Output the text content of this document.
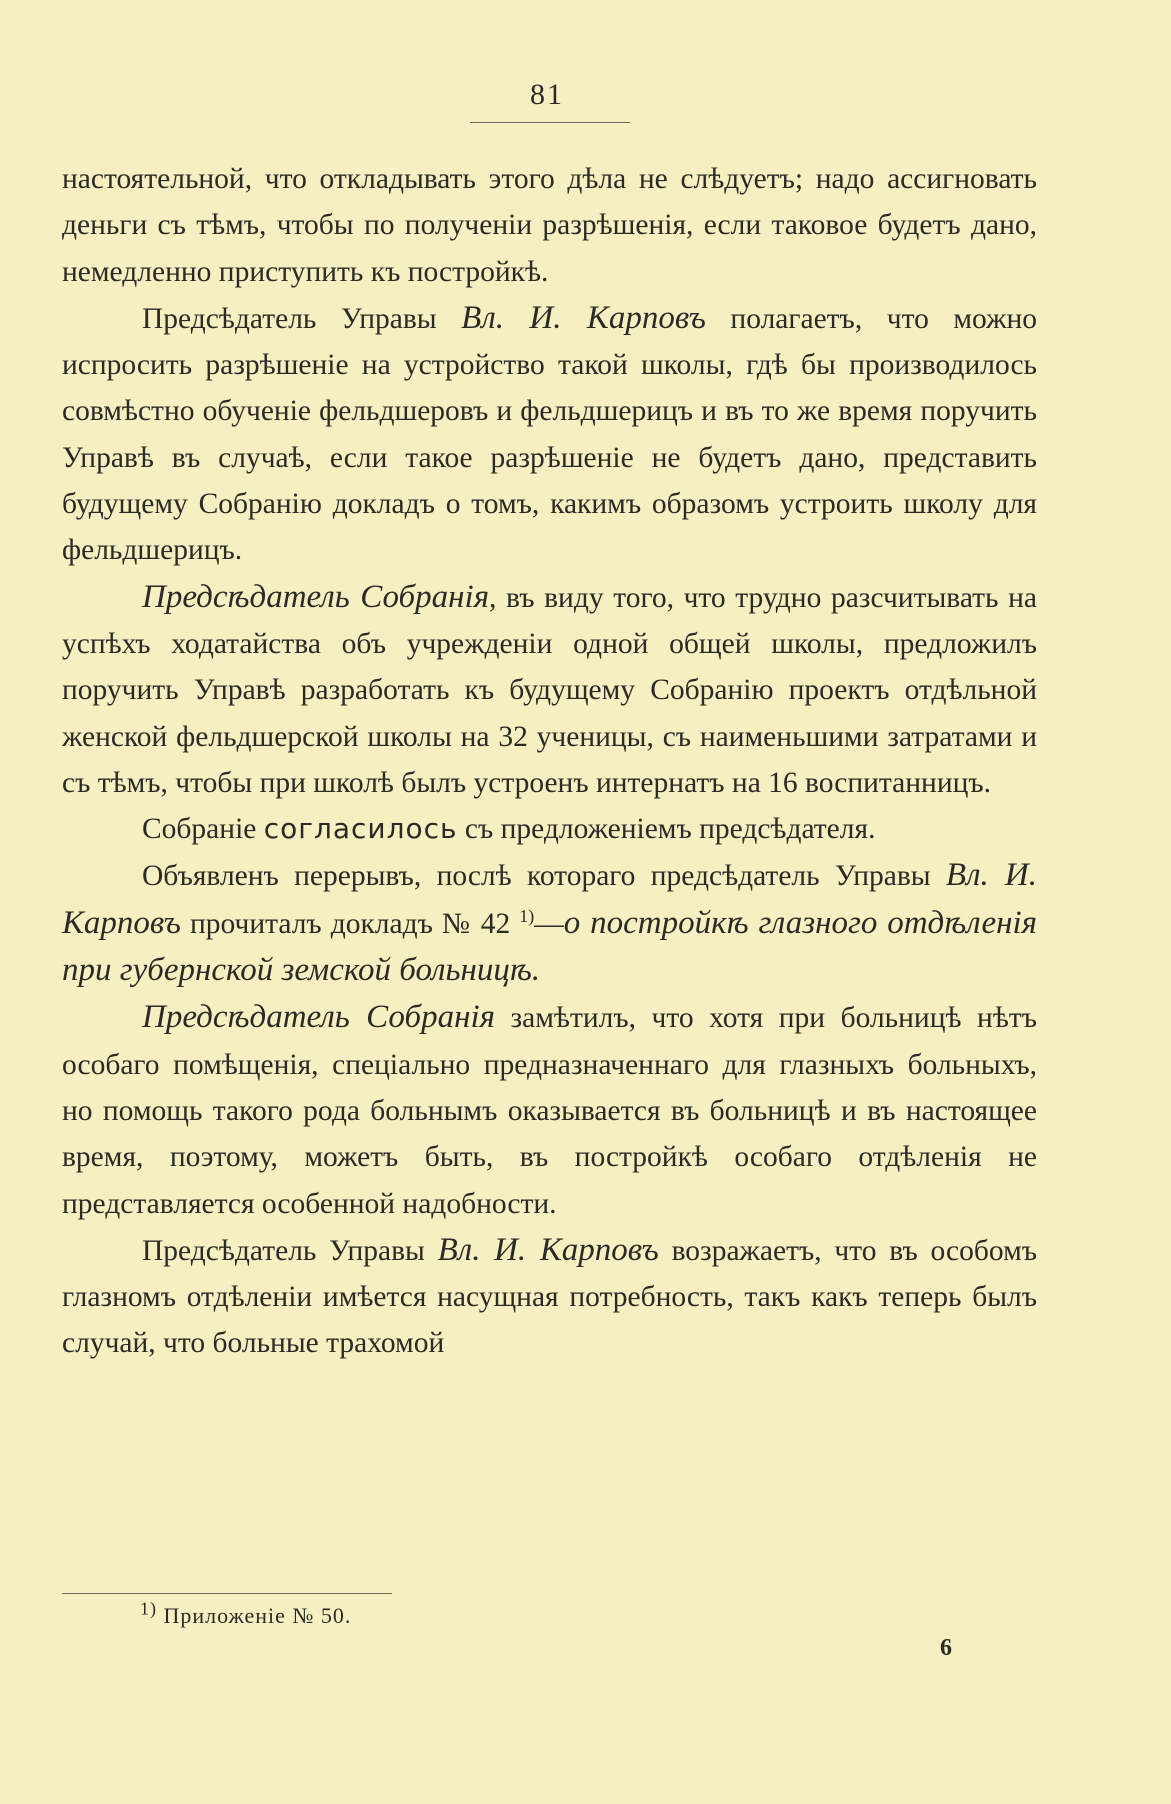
81

настоятельной, что откладывать этого дѣла не слѣдуетъ; надо ассигновать деньги съ тѣмъ, чтобы по полученіи разрѣшенія, если таковое будетъ дано, немедленно приступить къ постройкѣ.

Предсѣдатель Управы Вл. И. Карповъ полагаетъ, что можно испросить разрѣшеніе на устройство такой школы, гдѣ бы производилось совмѣстно обученіе фельдшеровъ и фельдшерицъ и въ то же время поручить Управѣ въ случаѣ, если такое разрѣшеніе не будетъ дано, представить будущему Собранію докладъ о томъ, какимъ образомъ устроить школу для фельдшерицъ.

Предсѣдатель Собранія, въ виду того, что трудно разсчитывать на успѣхъ ходатайства объ учрежденіи одной общей школы, предложилъ поручить Управѣ разработать къ будущему Собранію проектъ отдѣльной женской фельдшерской школы на 32 ученицы, съ наименьшими затратами и съ тѣмъ, чтобы при школѣ былъ устроенъ интернатъ на 16 воспитанницъ.

Собраніе согласилось съ предложеніемъ предсѣдателя.

Объявленъ перерывъ, послѣ котораго предсѣдатель Управы Вл. И. Карповъ прочиталъ докладъ № 42 $^{1)}$—о постройкѣ глазного отдѣленія при губернской земской больницѣ.

Предсѣдатель Собранія замѣтилъ, что хотя при больницѣ нѣтъ особаго помѣщенія, спеціально предназначеннаго для глазныхъ больныхъ, но помощь такого рода больнымъ оказывается въ больницѣ и въ настоящее время, поэтому, можетъ быть, въ постройкѣ особаго отдѣленія не представляется особенной надобности.

Предсѣдатель Управы Вл. И. Карповъ возражаетъ, что въ особомъ глазномъ отдѣленіи имѣется насущная потребность, такъ какъ теперь былъ случай, что больные трахомой

$^{1)}$ Приложеніе № 50.
6
